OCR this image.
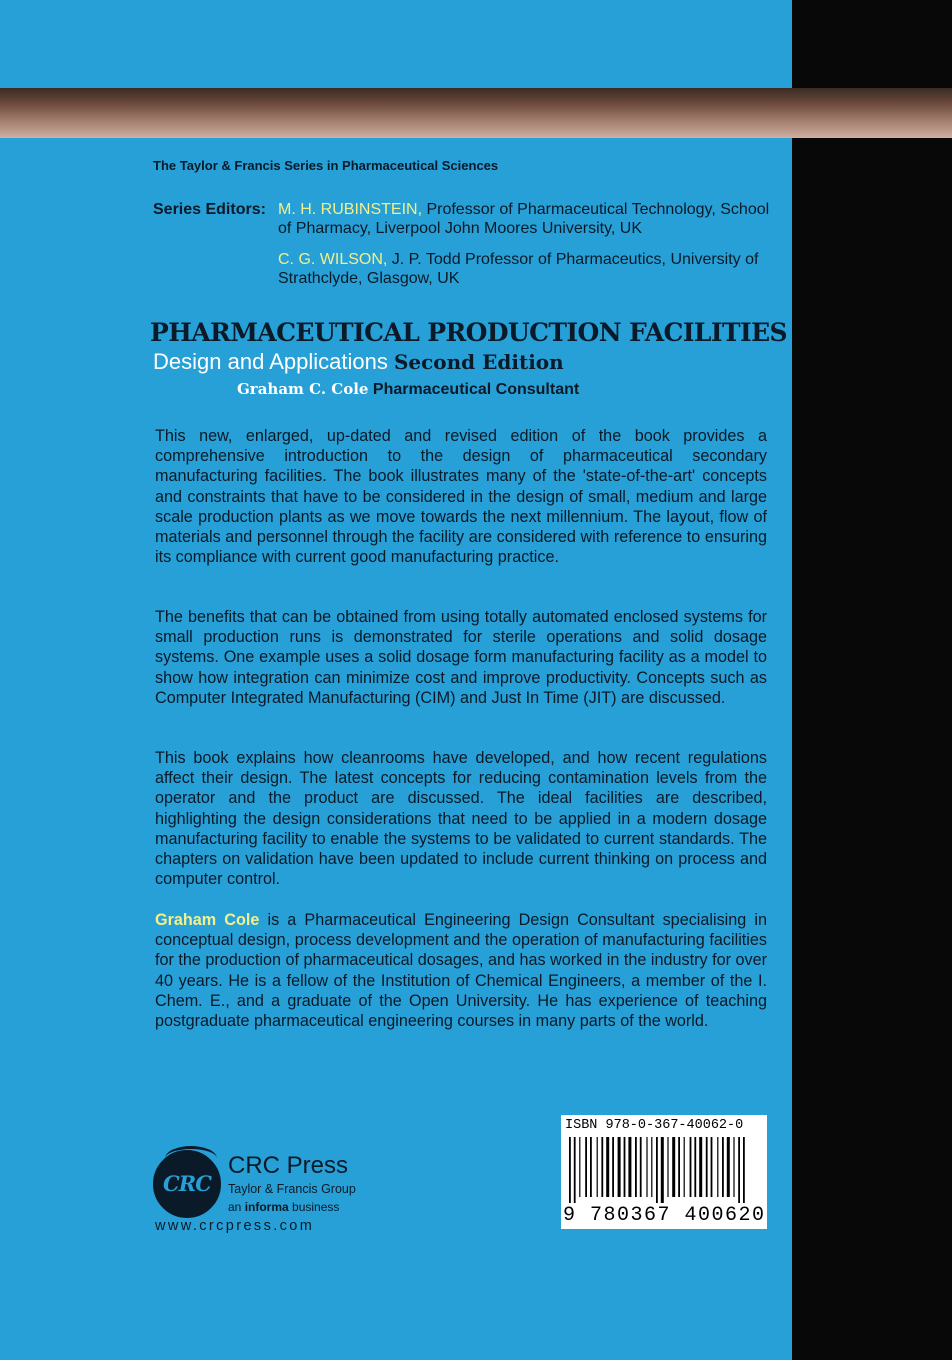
The Taylor & Francis Series in Pharmaceutical Sciences
Series Editors: M. H. RUBINSTEIN, Professor of Pharmaceutical Technology, School of Pharmacy, Liverpool John Moores University, UK
C. G. WILSON, J. P. Todd Professor of Pharmaceutics, University of Strathclyde, Glasgow, UK
PHARMACEUTICAL PRODUCTION FACILITIES
Design and Applications Second Edition
Graham C. Cole Pharmaceutical Consultant

This new, enlarged, up-dated and revised edition of the book provides a comprehensive introduction to the design of pharmaceutical secondary manufacturing facilities. The book illustrates many of the 'state-of-the-art' concepts and constraints that have to be considered in the design of small, medium and large scale production plants as we move towards the next millennium. The layout, flow of materials and personnel through the facility are considered with reference to ensuring its compliance with current good manufacturing practice.

The benefits that can be obtained from using totally automated enclosed systems for small production runs is demonstrated for sterile operations and solid dosage systems. One example uses a solid dosage form manufacturing facility as a model to show how integration can minimize cost and improve productivity. Concepts such as Computer Integrated Manufacturing (CIM) and Just In Time (JIT) are discussed.

This book explains how cleanrooms have developed, and how recent regulations affect their design. The latest concepts for reducing contamination levels from the operator and the product are discussed. The ideal facilities are described, highlighting the design considerations that need to be applied in a modern dosage manufacturing facility to enable the systems to be validated to current standards. The chapters on validation have been updated to include current thinking on process and computer control.

Graham Cole is a Pharmaceutical Engineering Design Consultant specialising in conceptual design, process development and the operation of manufacturing facilities for the production of pharmaceutical dosages, and has worked in the industry for over 40 years. He is a fellow of the Institution of Chemical Engineers, a member of the I. Chem. E., and a graduate of the Open University. He has experience of teaching postgraduate pharmaceutical engineering courses in many parts of the world.

CRC
CRC Press
Taylor & Francis Group
an informa business
www.crcpress.com
ISBN 978-0-367-40062-0
9 780367 400620
